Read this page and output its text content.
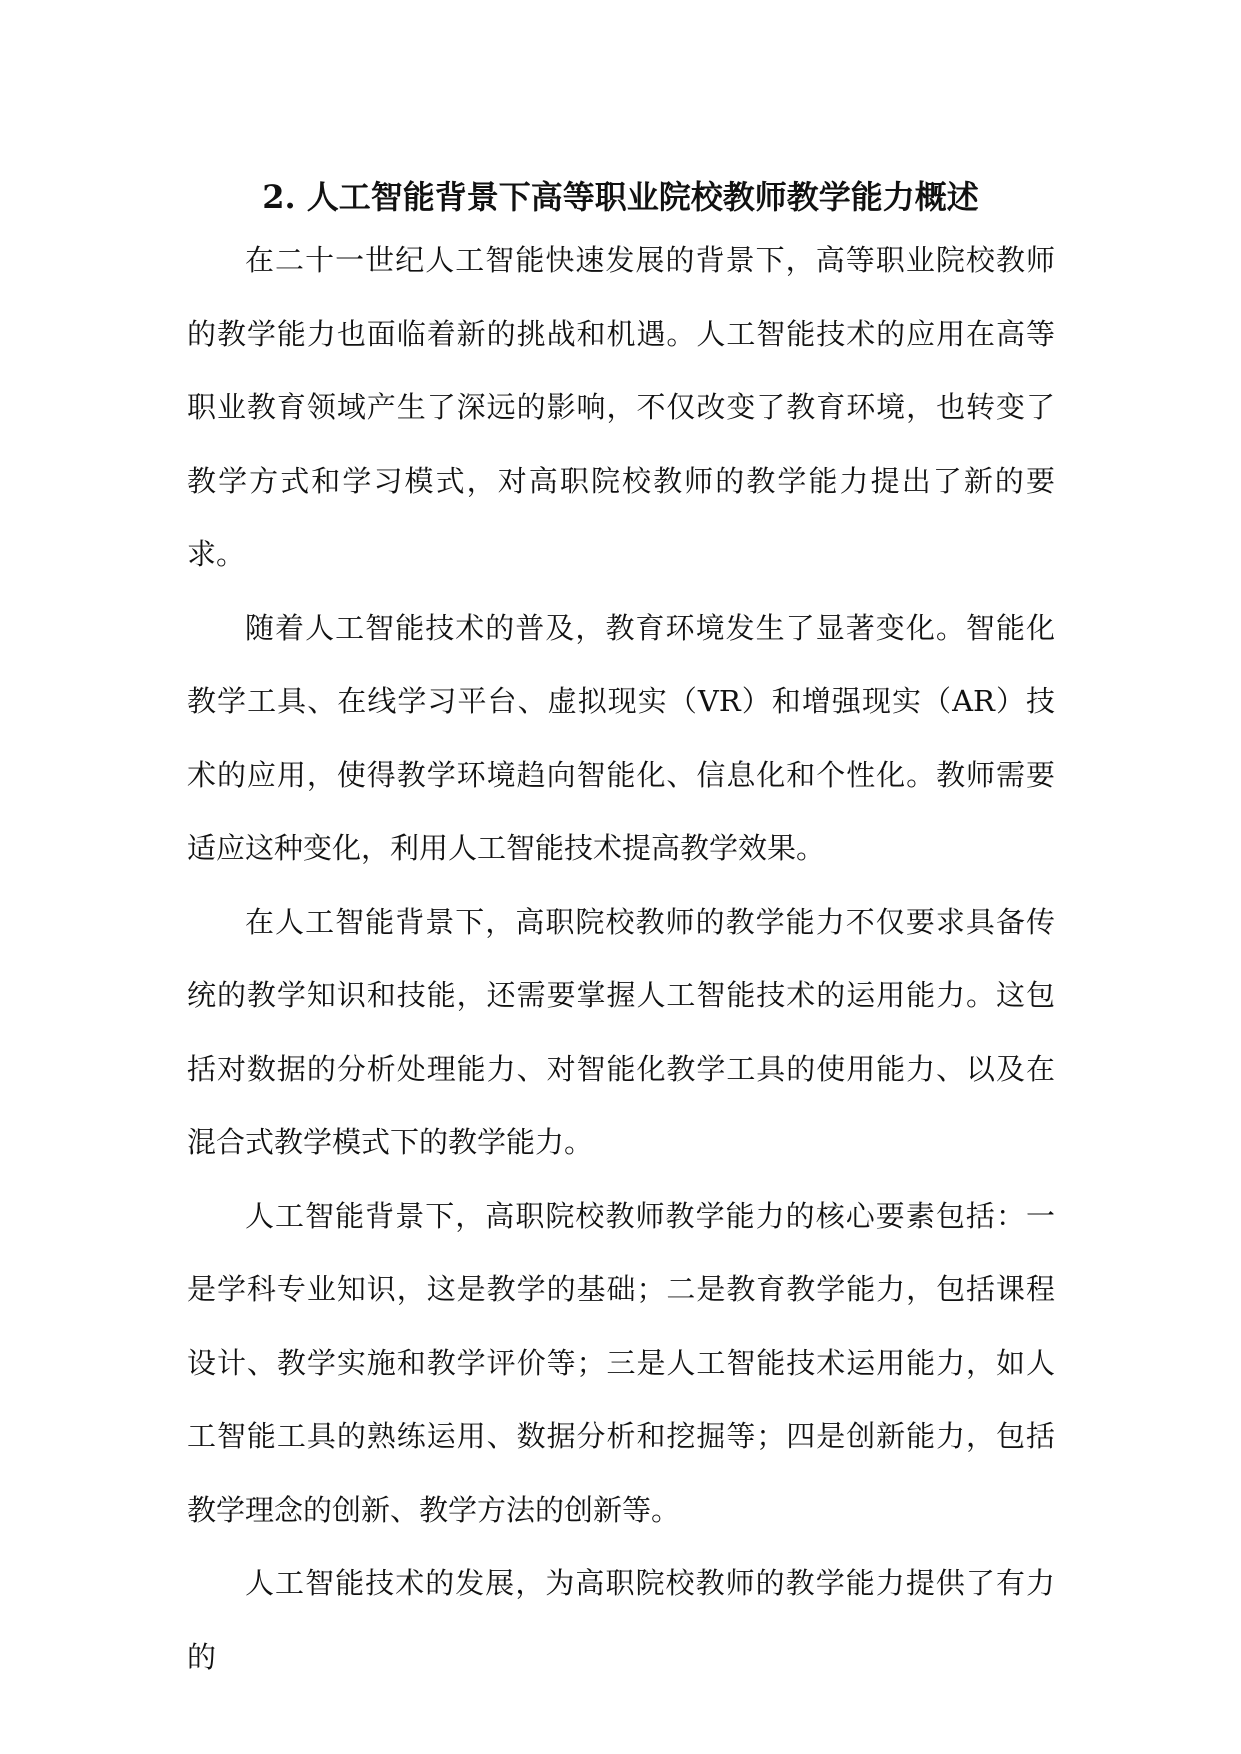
2. 人工智能背景下高等职业院校教师教学能力概述

在二十一世纪人工智能快速发展的背景下，高等职业院校教师的教学能力也面临着新的挑战和机遇。人工智能技术的应用在高等职业教育领域产生了深远的影响，不仅改变了教育环境，也转变了教学方式和学习模式，对高职院校教师的教学能力提出了新的要求。

随着人工智能技术的普及，教育环境发生了显著变化。智能化教学工具、在线学习平台、虚拟现实（VR）和增强现实（AR）技术的应用，使得教学环境趋向智能化、信息化和个性化。教师需要适应这种变化，利用人工智能技术提高教学效果。

在人工智能背景下，高职院校教师的教学能力不仅要求具备传统的教学知识和技能，还需要掌握人工智能技术的运用能力。这包括对数据的分析处理能力、对智能化教学工具的使用能力、以及在混合式教学模式下的教学能力。

人工智能背景下，高职院校教师教学能力的核心要素包括：一是学科专业知识，这是教学的基础；二是教育教学能力，包括课程设计、教学实施和教学评价等；三是人工智能技术运用能力，如人工智能工具的熟练运用、数据分析和挖掘等；四是创新能力，包括教学理念的创新、教学方法的创新等。

人工智能技术的发展，为高职院校教师的教学能力提供了有力的
